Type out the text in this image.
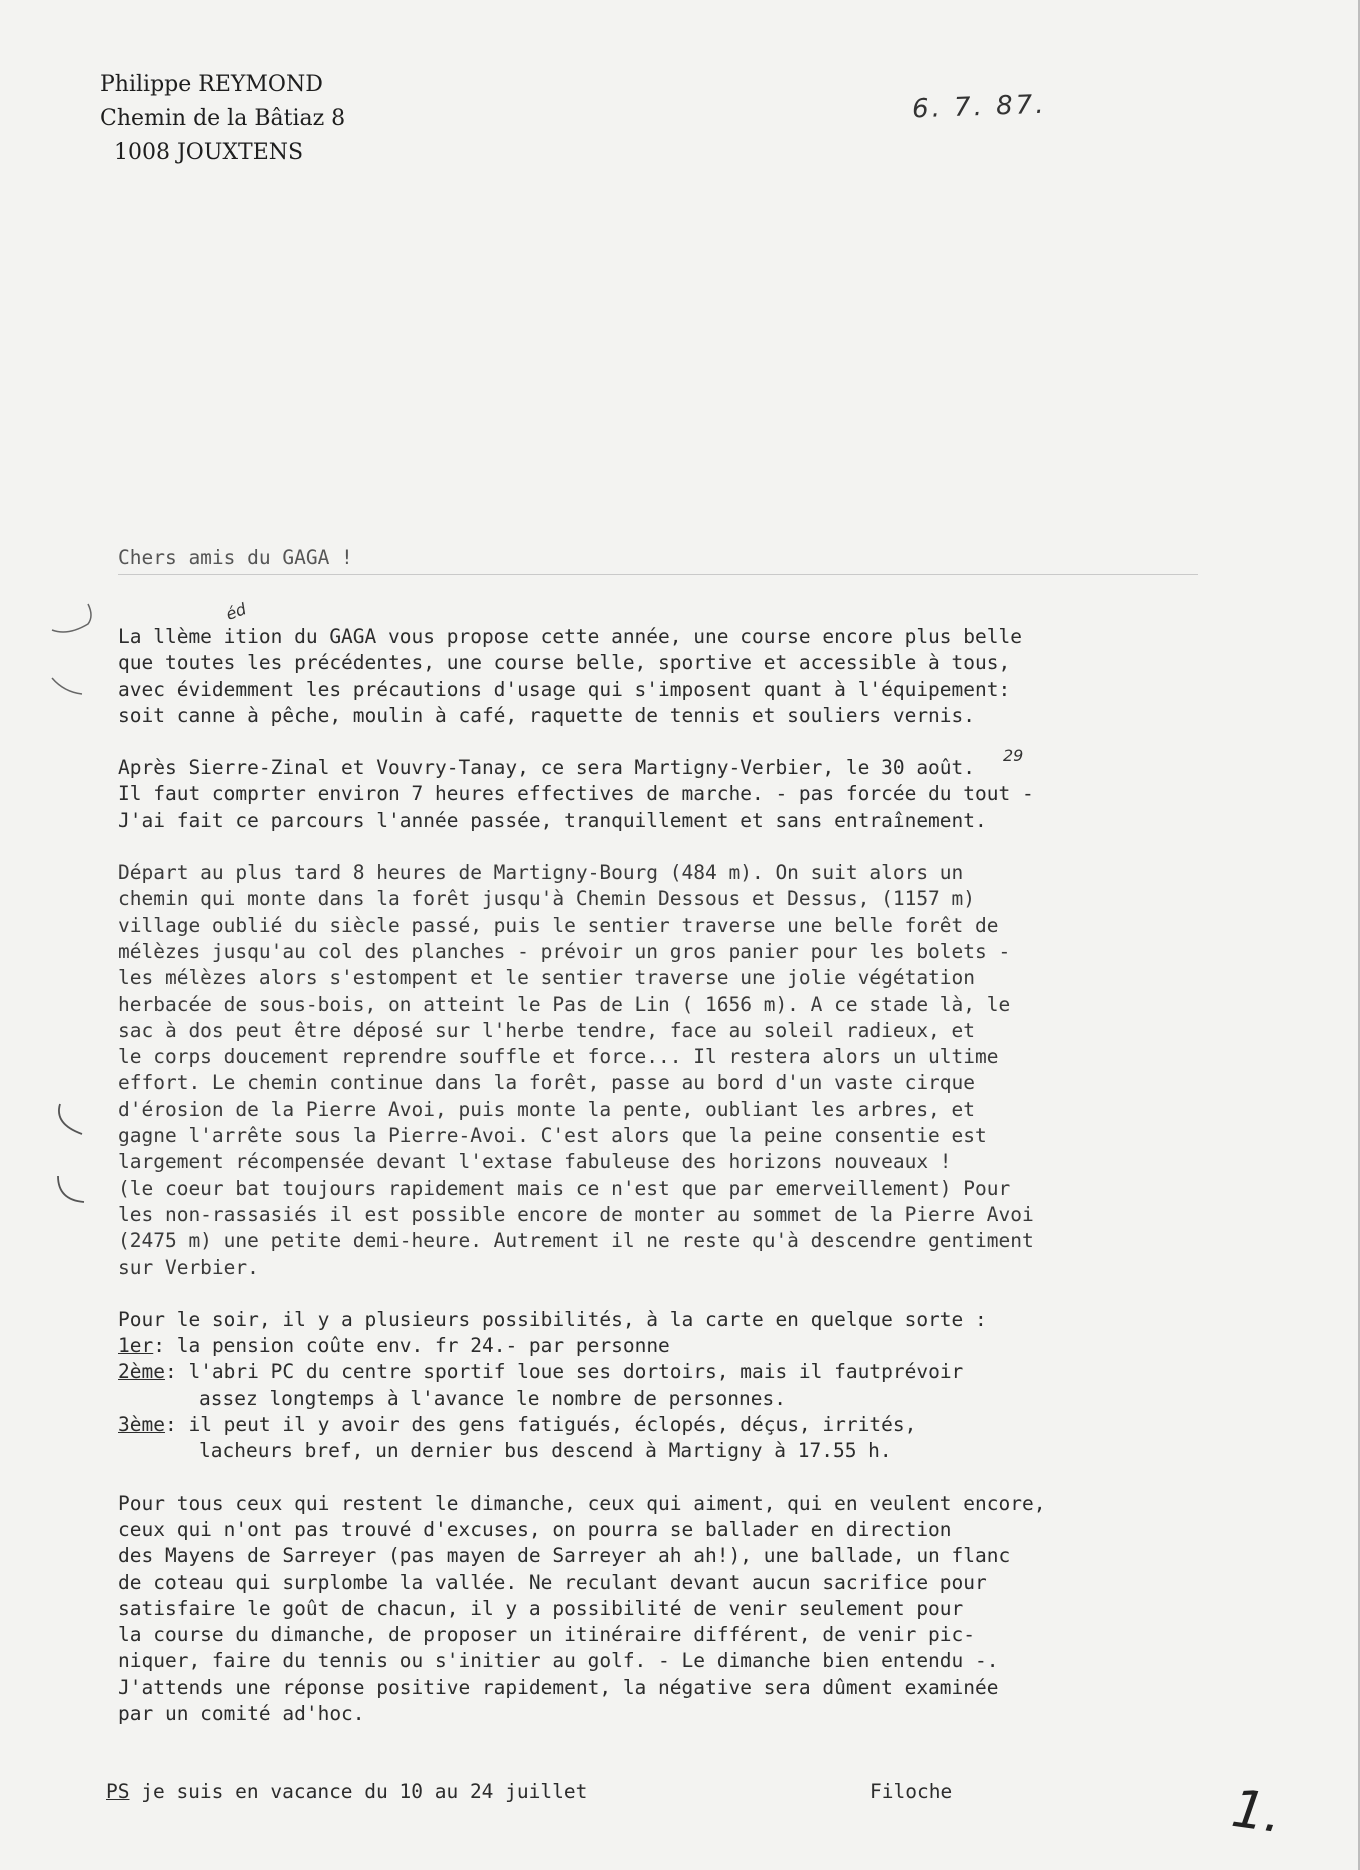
Philippe REYMOND
Chemin de la Bâtiaz 8
1008 JOUXTENS
6. 7. 87.
Chers amis du GAGA !
éd
29

La llème ition du GAGA vous propose cette année, une course encore plus belle
que toutes les précédentes, une course belle, sportive et accessible à tous,
avec évidemment les précautions d'usage qui s'imposent quant à l'équipement:
soit canne à pêche, moulin à café, raquette de tennis et souliers vernis.

Après Sierre-Zinal et Vouvry-Tanay, ce sera Martigny-Verbier, le 30 août.
Il faut comprter environ 7 heures effectives de marche. - pas forcée du tout -
J'ai fait ce parcours l'année passée, tranquillement et sans entraînement.

Départ au plus tard 8 heures de Martigny-Bourg (484 m). On suit alors un
chemin qui monte dans la forêt jusqu'à Chemin Dessous et Dessus, (1157 m)
village oublié du siècle passé, puis le sentier traverse une belle forêt de
mélèzes jusqu'au col des planches - prévoir un gros panier pour les bolets -
les mélèzes alors s'estompent et le sentier traverse une jolie végétation
herbacée de sous-bois, on atteint le Pas de Lin ( 1656 m). A ce stade là, le
sac à dos peut être déposé sur l'herbe tendre, face au soleil radieux, et
le corps doucement reprendre souffle et force... Il restera alors un ultime
effort. Le chemin continue dans la forêt, passe au bord d'un vaste cirque
d'érosion de la Pierre Avoi, puis monte la pente, oubliant les arbres, et
gagne l'arrête sous la Pierre-Avoi. C'est alors que la peine consentie est
largement récompensée devant l'extase fabuleuse des horizons nouveaux !
(le coeur bat toujours rapidement mais ce n'est que par emerveillement) Pour
les non-rassasiés il est possible encore de monter au sommet de la Pierre Avoi
(2475 m) une petite demi-heure. Autrement il ne reste qu'à descendre gentiment
sur Verbier.

Pour le soir, il y a plusieurs possibilités, à la carte en quelque sorte :
1er: la pension coûte env. fr 24.- par personne
2ème: l'abri PC du centre sportif loue ses dortoirs, mais il fautprévoir
assez longtemps à l'avance le nombre de personnes.
3ème: il peut il y avoir des gens fatigués, éclopés, déçus, irrités,
lacheurs bref, un dernier bus descend à Martigny à 17.55 h.

Pour tous ceux qui restent le dimanche, ceux qui aiment, qui en veulent encore,
ceux qui n'ont pas trouvé d'excuses, on pourra se ballader en direction
des Mayens de Sarreyer (pas mayen de Sarreyer ah ah!), une ballade, un flanc
de coteau qui surplombe la vallée. Ne reculant devant aucun sacrifice pour
satisfaire le goût de chacun, il y a possibilité de venir seulement pour
la course du dimanche, de proposer un itinéraire différent, de venir pic-
niquer, faire du tennis ou s'initier au golf. - Le dimanche bien entendu -.
J'attends une réponse positive rapidement, la négative sera dûment examinée
par un comité ad'hoc.

PS je suis en vacance du 10 au 24 juillet	Filoche	1.
